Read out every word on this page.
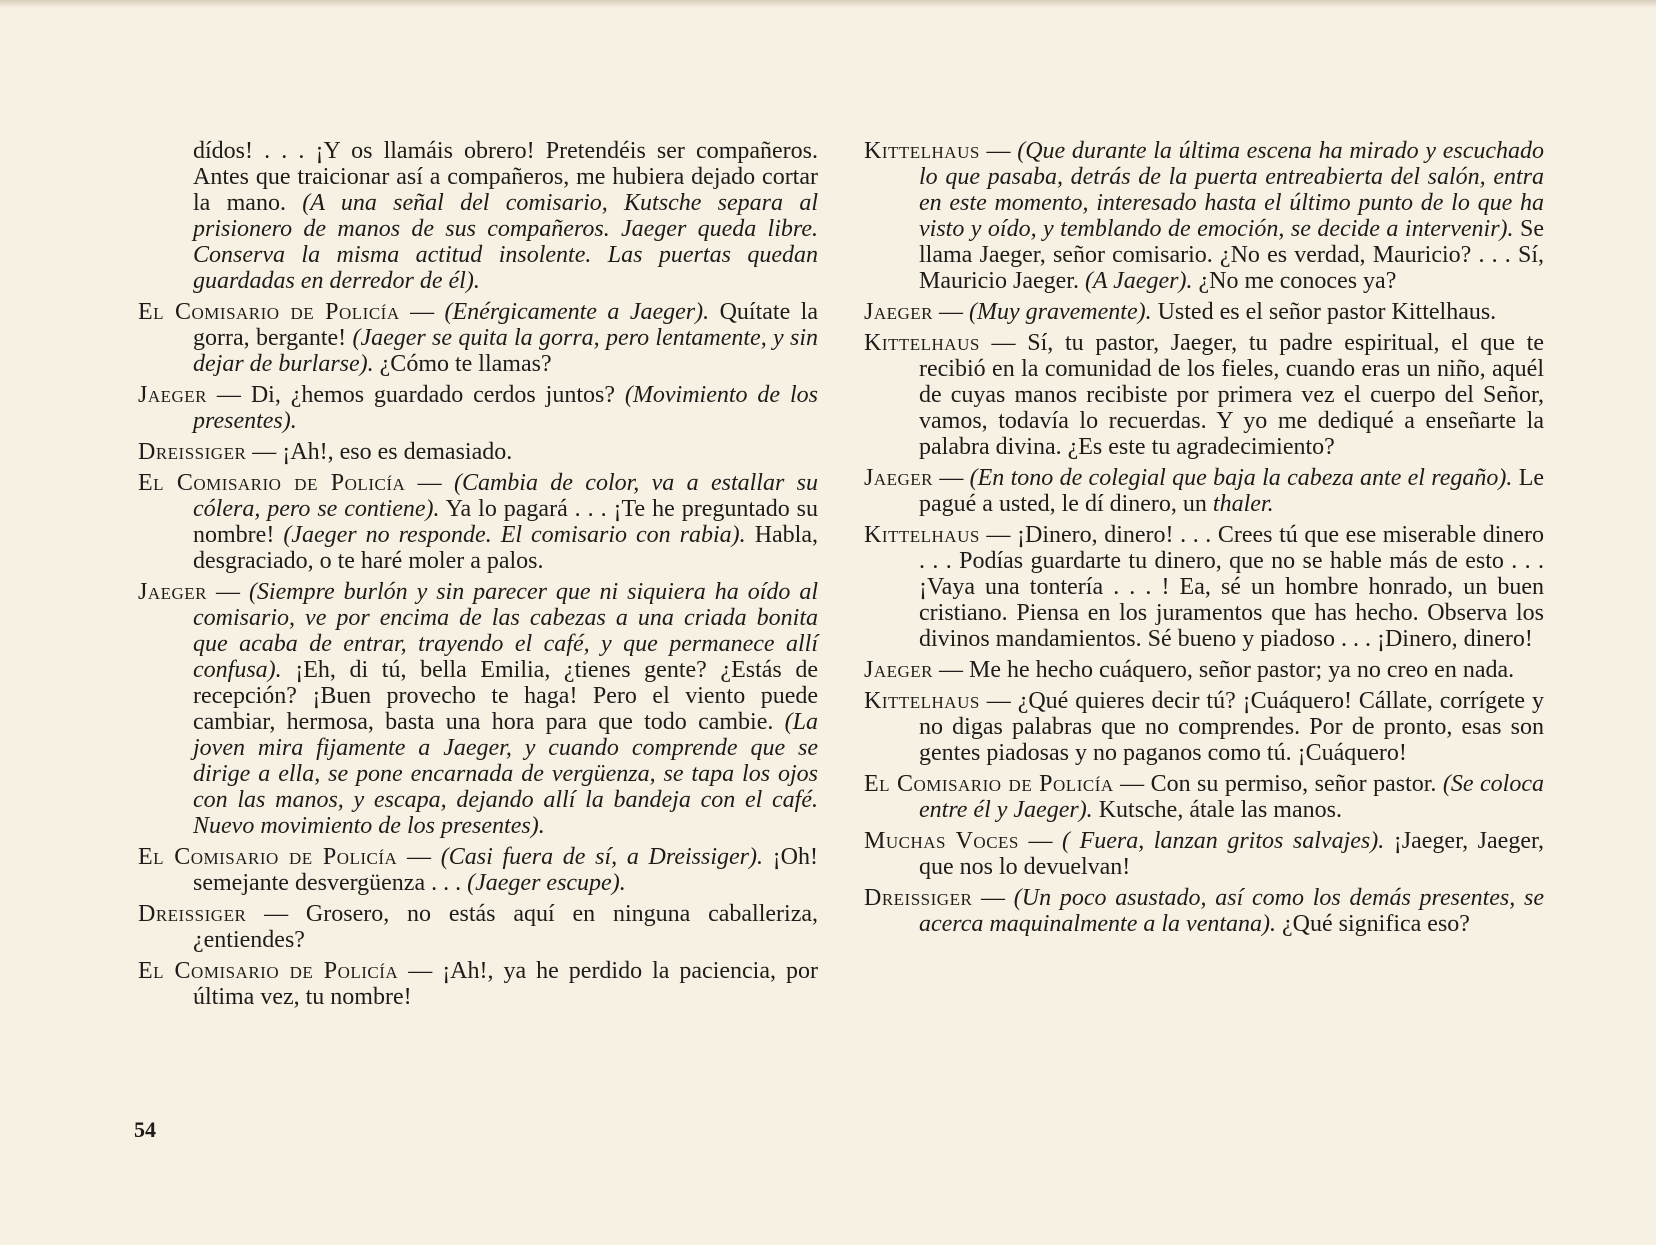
dídos! . . . ¡Y os llamáis obrero! Pretendéis ser compañeros. Antes que traicionar así a compañeros, me hubiera dejado cortar la mano. (A una señal del comisario, Kutsche separa al prisionero de manos de sus compañeros. Jaeger queda libre. Conserva la misma actitud insolente. Las puertas quedan guardadas en derredor de él).

El Comisario de Policía — (Enérgicamente a Jaeger). Quítate la gorra, bergante! (Jaeger se quita la gorra, pero lentamente, y sin dejar de burlarse). ¿Cómo te llamas?

Jaeger — Di, ¿hemos guardado cerdos juntos? (Movimiento de los presentes).

Dreissiger — ¡Ah!, eso es demasiado.

El Comisario de Policía — (Cambia de color, va a estallar su cólera, pero se contiene). Ya lo pagará . . . ¡Te he preguntado su nombre! (Jaeger no responde. El comisario con rabia). Habla, desgraciado, o te haré moler a palos.

Jaeger — (Siempre burlón y sin parecer que ni siquiera ha oído al comisario, ve por encima de las cabezas a una criada bonita que acaba de entrar, trayendo el café, y que permanece allí confusa). ¡Eh, di tú, bella Emilia, ¿tienes gente? ¿Estás de recepción? ¡Buen provecho te haga! Pero el viento puede cambiar, hermosa, basta una hora para que todo cambie. (La joven mira fijamente a Jaeger, y cuando comprende que se dirige a ella, se pone encarnada de vergüenza, se tapa los ojos con las manos, y escapa, dejando allí la bandeja con el café. Nuevo movimiento de los presentes).

El Comisario de Policía — (Casi fuera de sí, a Dreissiger). ¡Oh! semejante desvergüenza . . . (Jaeger escupe).

Dreissiger — Grosero, no estás aquí en ninguna caballeriza, ¿entiendes?

El Comisario de Policía — ¡Ah!, ya he perdido la paciencia, por última vez, tu nombre!

Kittelhaus — (Que durante la última escena ha mirado y escuchado lo que pasaba, detrás de la puerta entreabierta del salón, entra en este momento, interesado hasta el último punto de lo que ha visto y oído, y temblando de emoción, se decide a intervenir). Se llama Jaeger, señor comisario. ¿No es verdad, Mauricio? . . . Sí, Mauricio Jaeger. (A Jaeger). ¿No me conoces ya?

Jaeger — (Muy gravemente). Usted es el señor pastor Kittelhaus.

Kittelhaus — Sí, tu pastor, Jaeger, tu padre espiritual, el que te recibió en la comunidad de los fieles, cuando eras un niño, aquél de cuyas manos recibiste por primera vez el cuerpo del Señor, vamos, todavía lo recuerdas. Y yo me dediqué a enseñarte la palabra divina. ¿Es este tu agradecimiento?

Jaeger — (En tono de colegial que baja la cabeza ante el regaño). Le pagué a usted, le dí dinero, un thaler.

Kittelhaus — ¡Dinero, dinero! . . . Crees tú que ese miserable dinero . . . Podías guardarte tu dinero, que no se hable más de esto . . . ¡Vaya una tontería . . . ! Ea, sé un hombre honrado, un buen cristiano. Piensa en los juramentos que has hecho. Observa los divinos mandamientos. Sé bueno y piadoso . . . ¡Dinero, dinero!

Jaeger — Me he hecho cuáquero, señor pastor; ya no creo en nada.

Kittelhaus — ¿Qué quieres decir tú? ¡Cuáquero! Cállate, corrígete y no digas palabras que no comprendes. Por de pronto, esas son gentes piadosas y no paganos como tú. ¡Cuáquero!

El Comisario de Policía — Con su permiso, señor pastor. (Se coloca entre él y Jaeger). Kutsche, átale las manos.

Muchas Voces — ( Fuera, lanzan gritos salvajes). ¡Jaeger, Jaeger, que nos lo devuelvan!

Dreissiger — (Un poco asustado, así como los demás presentes, se acerca maquinalmente a la ventana). ¿Qué significa eso?

54
